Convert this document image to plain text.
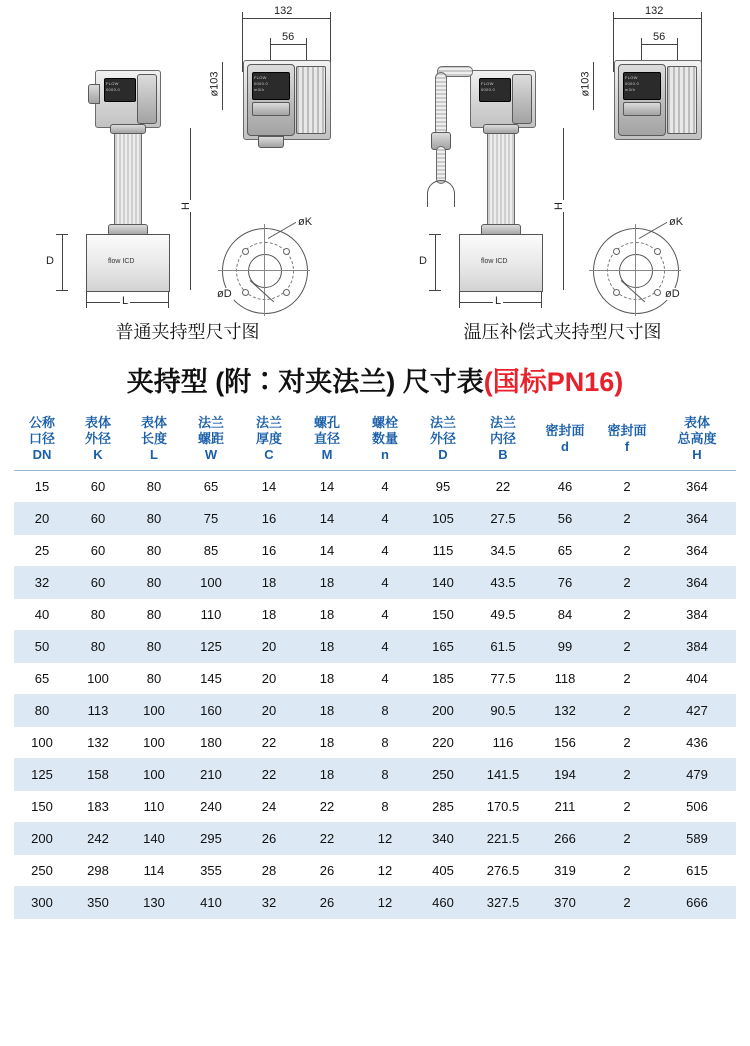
132
56
FLOW
0000.0
m3/h
ø103
FLOW
0000.0
flow ICD
D
L
H
øK
øD
132
56
FLOW
0000.0
m3/h
ø103
FLOW
0000.0
flow ICD
D
L
H
øK
øD
普通夹持型尺寸图	温压补偿式夹持型尺寸图
夹持型 (附∶对夹法兰) 尺寸表(国标PN16)
公称
口径
DN	表体
外径
K	表体
长度
L	法兰
螺距
W	法兰
厚度
C	螺孔
直径
M	螺栓
数量
n	法兰
外径
D	法兰
内径
B	密封面
d	密封面
f	表体
总高度
H

15	60	80	65	14	14	4	95	22	46	2	364
20	60	80	75	16	14	4	105	27.5	56	2	364
25	60	80	85	16	14	4	115	34.5	65	2	364
32	60	80	100	18	18	4	140	43.5	76	2	364
40	80	80	110	18	18	4	150	49.5	84	2	384
50	80	80	125	20	18	4	165	61.5	99	2	384
65	100	80	145	20	18	4	185	77.5	118	2	404
80	113	100	160	20	18	8	200	90.5	132	2	427
100	132	100	180	22	18	8	220	116	156	2	436
125	158	100	210	22	18	8	250	141.5	194	2	479
150	183	110	240	24	22	8	285	170.5	211	2	506
200	242	140	295	26	22	12	340	221.5	266	2	589
250	298	114	355	28	26	12	405	276.5	319	2	615
300	350	130	410	32	26	12	460	327.5	370	2	666
